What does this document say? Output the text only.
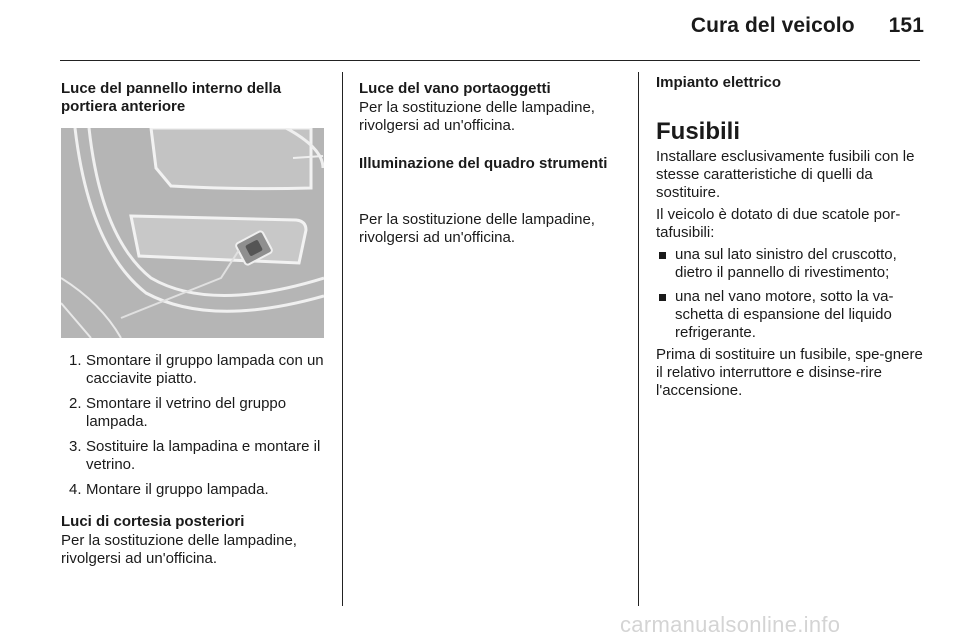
Cura del veicolo 151
Luce del pannello interno della portiera anteriore
1. Smontare il gruppo lampada con un cacciavite piatto.
2. Smontare il vetrino del gruppo lampada.
3. Sostituire la lampadina e montare il vetrino.
4. Montare il gruppo lampada.
Luci di cortesia posteriori

Per la sostituzione delle lampadine, rivolgersi ad un'officina.

Luce del vano portaoggetti

Per la sostituzione delle lampadine, rivolgersi ad un'officina.

Illuminazione del quadro strumenti

Per la sostituzione delle lampadine, rivolgersi ad un'officina.

Impianto elettrico
Fusibili

Installare esclusivamente fusibili con le stesse caratteristiche di quelli da sostituire.

Il veicolo è dotato di due scatole por-tafusibili:

una sul lato sinistro del cruscotto, dietro il pannello di rivestimento;
una nel vano motore, sotto la va-schetta di espansione del liquido refrigerante.

Prima di sostituire un fusibile, spe-gnere il relativo interruttore e disinse-rire l'accensione.

carmanualsonline.info
